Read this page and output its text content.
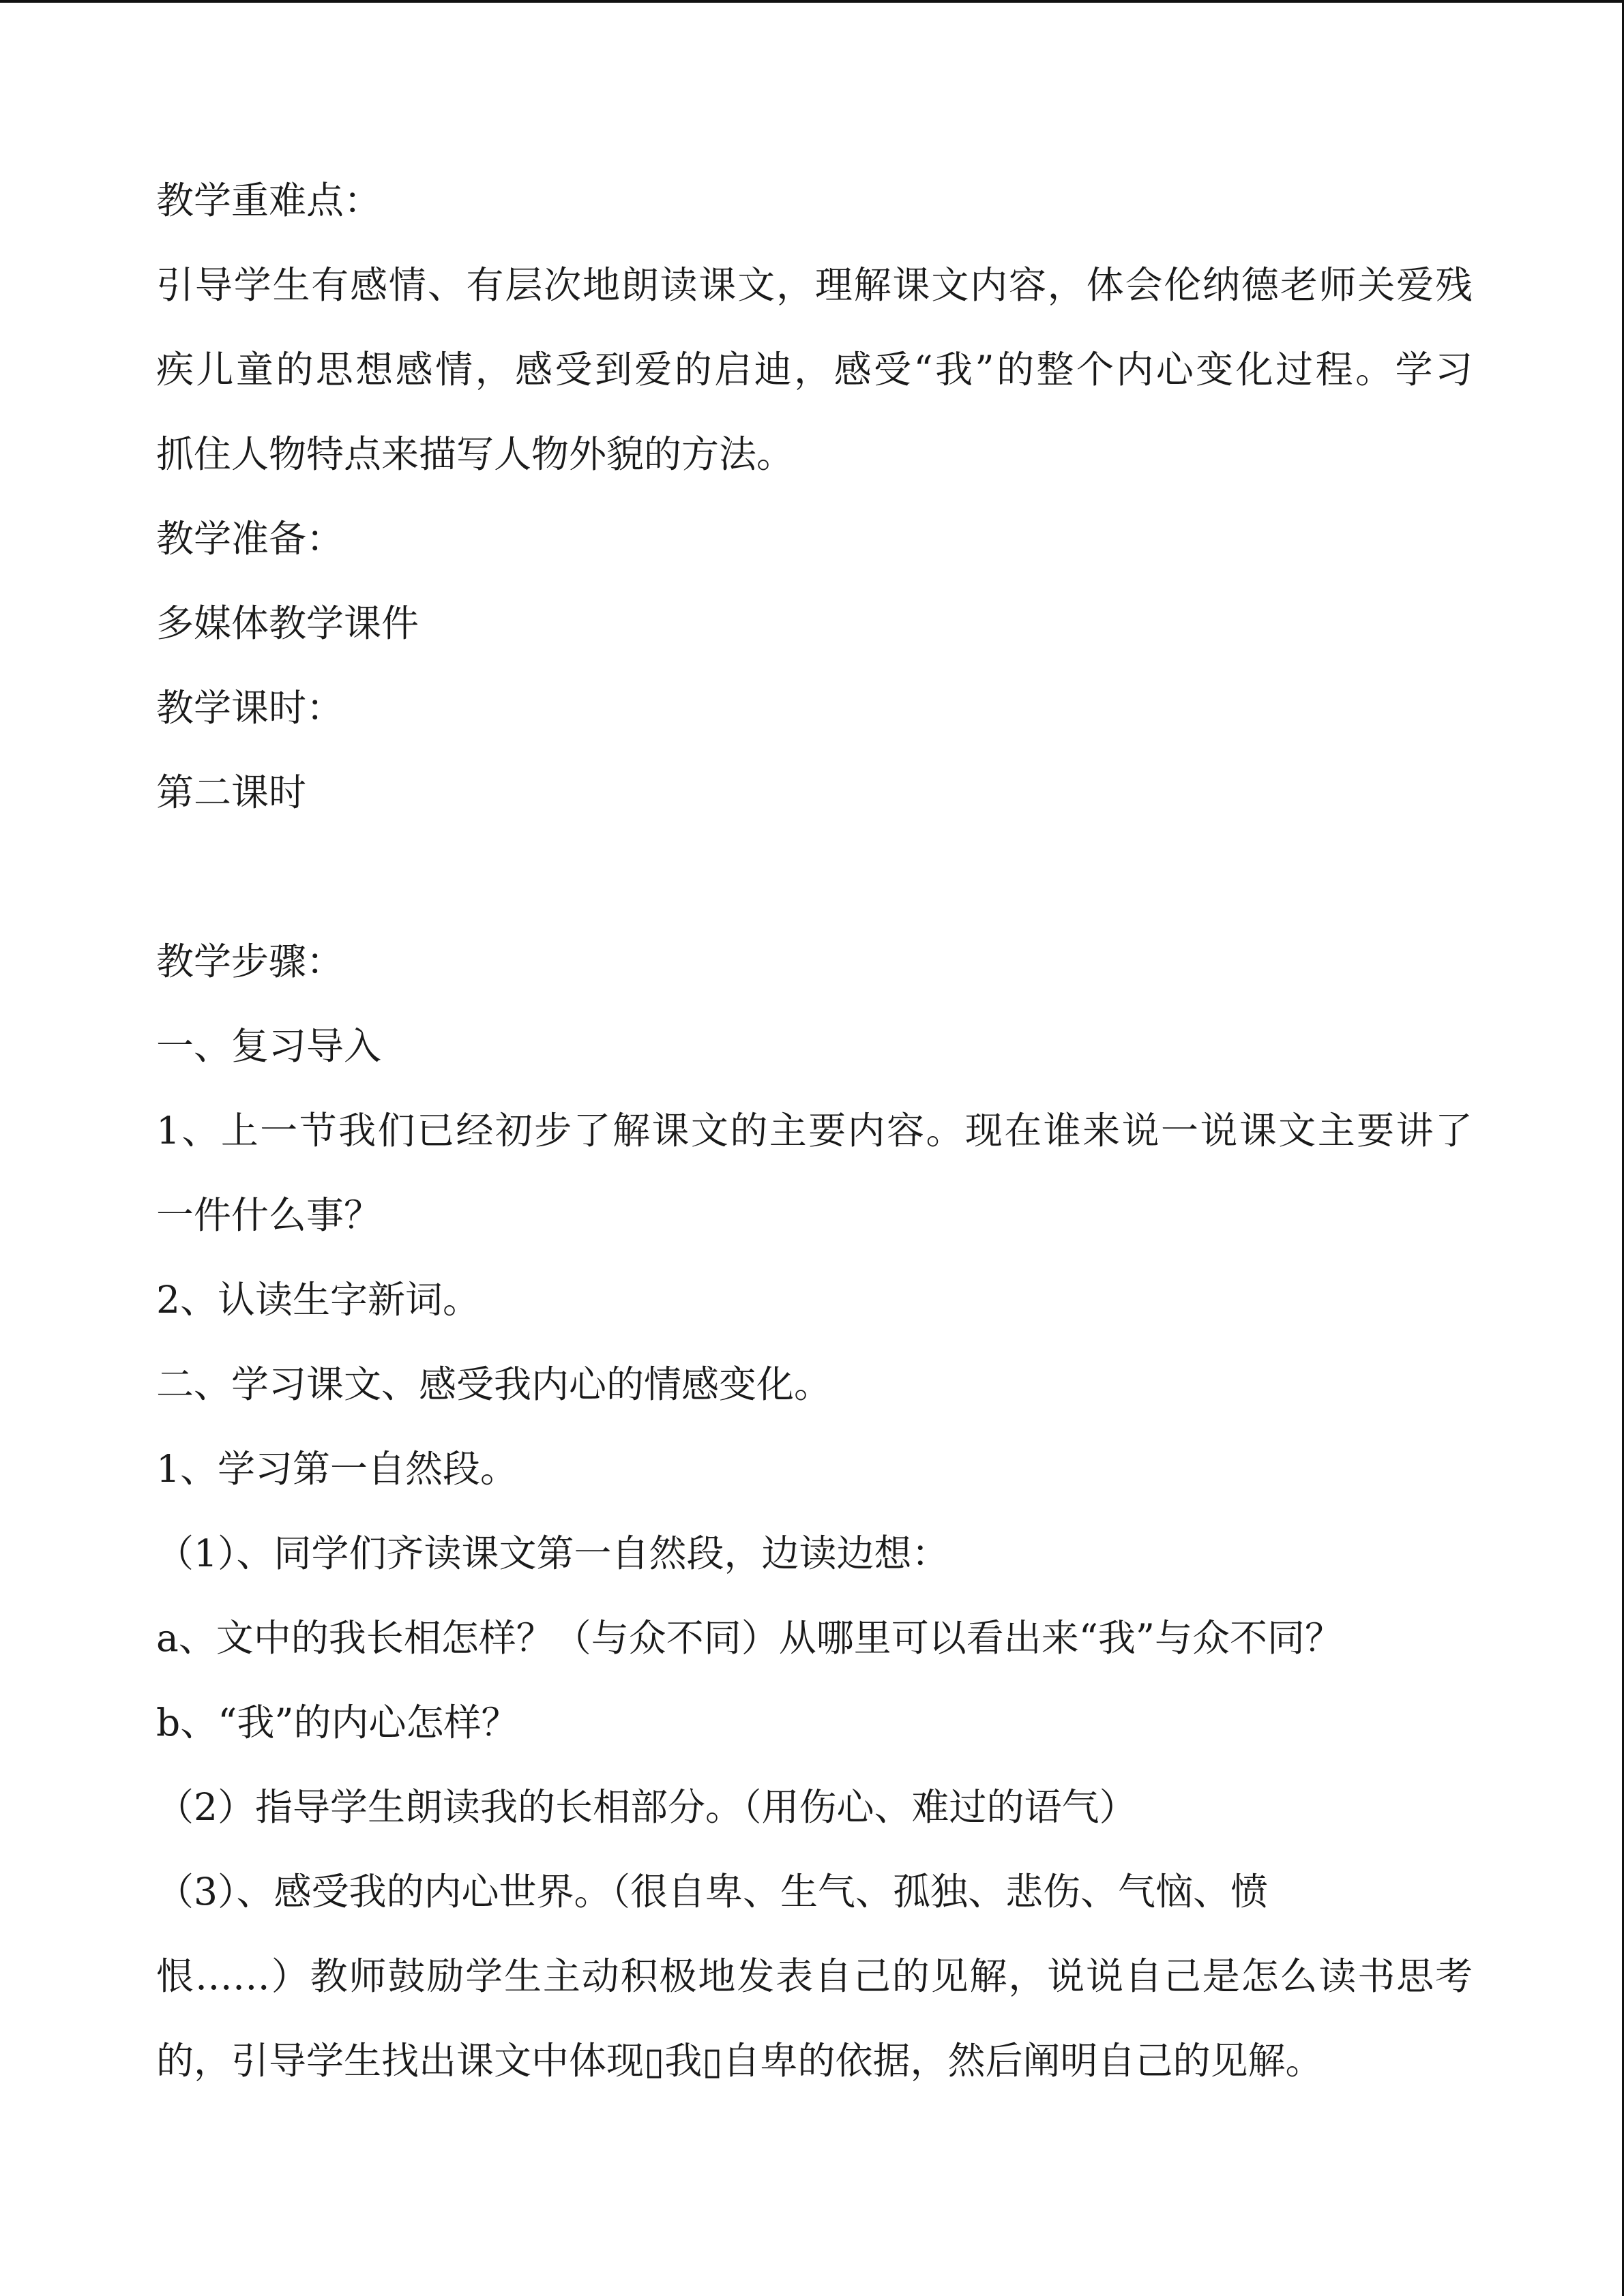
教学重难点：
引导学生有感情、有层次地朗读课文，理解课文内容，体会伦纳德老师关爱残
疾儿童的思想感情，感受到爱的启迪，感受“我”的整个内心变化过程。学习
抓住人物特点来描写人物外貌的方法。
教学准备：
多媒体教学课件
教学课时：
第二课时
教学步骤：
一、复习导入
1、上一节我们已经初步了解课文的主要内容。现在谁来说一说课文主要讲了
一件什么事？
2、认读生字新词。
二、学习课文、感受我内心的情感变化。
1、学习第一自然段。
（1）、同学们齐读课文第一自然段，边读边想：
a、文中的我长相怎样？（与众不同）从哪里可以看出来“我”与众不同？
b、“我”的内心怎样？
（2）指导学生朗读我的长相部分。（用伤心、难过的语气）
（3）、感受我的内心世界。（很自卑、生气、孤独、悲伤、气恼、愤
恨……）教师鼓励学生主动积极地发表自己的见解，说说自己是怎么读书思考
的，引导学生找出课文中体现▯我▯自卑的依据，然后阐明自己的见解。
